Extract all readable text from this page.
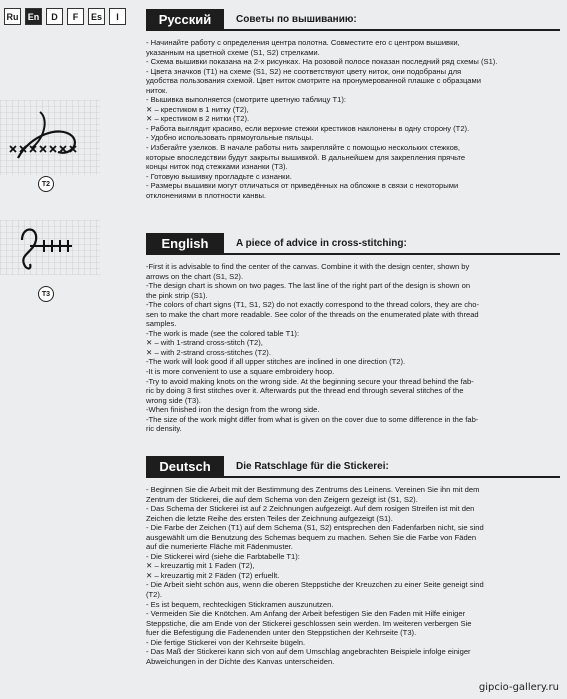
Ru	En	D	F	Es	I
T2
T3
Русский	Советы по вышиванию:

- Начинайте работу с определения центра полотна. Совместите его с центром вышивки,

указанным на цветной схеме (S1, S2) стрелками.

- Схема вышивки показана на 2-х рисунках. На розовой полосе показан последний ряд схемы (S1).

- Цвета значков (T1) на схеме (S1, S2) не соответствуют цвету ниток, они подобраны для

удобства пользования схемой. Цвет ниток смотрите на пронумерованной плашке с образцами

ниток.

- Вышивка выполняется (смотрите цветную таблицу T1):

✕ – крестиком в 1 нитку (T2),

✕ – крестиком в 2 нитки (T2).

- Работа выглядит красиво, если верхние стежки крестиков наклонены в одну сторону (T2).

- Удобно использовать прямоугольные пяльцы.

- Избегайте узелков. В начале работы нить закрепляйте с помощью нескольких стежков,

которые впоследствии будут закрыты вышивкой. В дальнейшем для закрепления прячьте

концы ниток под стежками изнанки (T3).

- Готовую вышивку прогладьте с изнанки.

- Размеры вышивки могут отличаться от приведённых на обложке в связи с некоторыми

отклонениями в плотности канвы.

English	A piece of advice in cross-stitching:

-First it is advisable to find the center of the canvas. Combine it with the design center, shown by

arrows on the chart (S1, S2).

-The design chart is shown on two pages. The last line of the right part of the design is shown on

the pink strip (S1).

-The colors of chart signs (T1, S1, S2) do not exactly correspond to the thread colors, they are cho-

sen to make the chart more readable. See color of the threads on the enumerated plate with thread

samples.

-The work is made (see the colored table T1):

✕ – with 1-strand cross-stitch (T2),

✕ – with 2-strand cross-stitches (T2).

-The work will look good if all upper stitches are inclined in one direction (T2).

-It is more convenient to use a square embroidery hoop.

-Try to avoid making knots on the wrong side. At the beginning secure your thread behind the fab-

ric by doing 3 first stitches over it. Afterwards put the thread end through several stitches of the

wrong side (T3).

-When finished iron the design from the wrong side.

-The size of the work might differ from what is given on the cover due to some difference in the fab-

ric density.

Deutsch	Die Ratschlage für die Stickerei:

- Beginnen Sie die Arbeit mit der Bestimmung des Zentrums des Leinens. Vereinen Sie ihn mit dem

Zentrum der Stickerei, die auf dem Schema von den Zeigern gezeigt ist (S1, S2).

- Das Schema der Stickerei ist auf 2 Zeichnungen aufgezeigt. Auf dem rosigen Streifen ist mit den

Zeichen die letzte Reihe des ersten Teiles der Zeichnung aufgezeigt (S1).

- Die Farbe der Zeichen (T1) auf dem Schema (S1, S2) entsprechen den Fadenfarben nicht, sie sind

ausgewählt um die Benutzung des Schemas bequem zu machen. Sehen Sie die Farbe von Fäden

auf die numerierte Fläche mit Fädenmuster.

- Die Stickerei wird (siehe die Farbtabelle T1):

✕ – kreuzartig mit 1 Faden (T2),

✕ – kreuzartig mit 2 Fäden (T2) erfuellt.

- Die Arbeit sieht schön aus, wenn die oberen Steppstiche der Kreuzchen zu einer Seite geneigt sind

(T2).

- Es ist bequem, rechteckigen Stickramen auszunutzen.

- Vermeiden Sie die Knötchen. Am Anfang der Arbeit befestigen Sie den Faden mit Hilfe einiger

Steppstiche, die am Ende von der Stickerei geschlossen sein werden. Im weiteren verbergen Sie

fuer die Befestigung die Fadenenden unter den Steppstichen der Kehrseite (T3).

- Die fertige Stickerei von der Kehrseite bügeln.

- Das Maß der Stickerei kann sich von auf dem Umschlag angebrachten Beispiele infolge einiger

Abweichungen in der Dichte des Kanvas unterscheiden.

gipcio-gallery.ru
